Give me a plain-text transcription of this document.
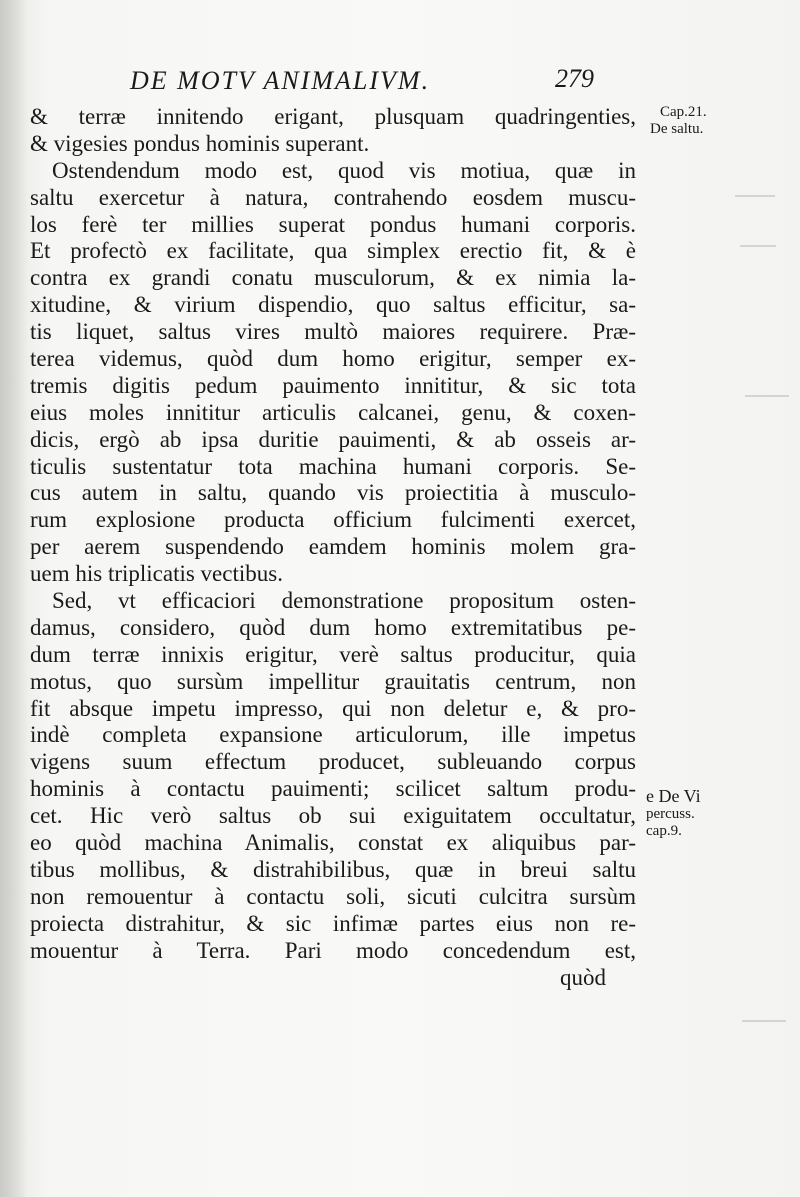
DE MOTV ANIMALIVM.	279
& terræ innitendo erigant, plusquam quadringenties,
& vigesies pondus hominis superant.
Ostendendum modo est, quod vis motiua, quæ in
saltu exercetur à natura, contrahendo eosdem muscu-
los ferè ter millies superat pondus humani corporis.
Et profectò ex facilitate, qua simplex erectio fit, & è
contra ex grandi conatu musculorum, & ex nimia la-
xitudine, & virium dispendio, quo saltus efficitur, sa-
tis liquet, saltus vires multò maiores requirere. Præ-
terea videmus, quòd dum homo erigitur, semper ex-
tremis digitis pedum pauimento innititur, & sic tota
eius moles innititur articulis calcanei, genu, & coxen-
dicis, ergò ab ipsa duritie pauimenti, & ab osseis ar-
ticulis sustentatur tota machina humani corporis. Se-
cus autem in saltu, quando vis proiectitia à musculo-
rum explosione producta officium fulcimenti exercet,
per aerem suspendendo eamdem hominis molem gra-
uem his triplicatis vectibus.
Sed, vt efficaciori demonstratione propositum osten-
damus, considero, quòd dum homo extremitatibus pe-
dum terræ innixis erigitur, verè saltus producitur, quia
motus, quo sursùm impellitur grauitatis centrum, non
fit absque impetu impresso, qui non deletur e, & pro-
indè completa expansione articulorum, ille impetus
vigens suum effectum producet, subleuando corpus
hominis à contactu pauimenti; scilicet saltum produ-
cet. Hic verò saltus ob sui exiguitatem occultatur,
eo quòd machina Animalis, constat ex aliquibus par-
tibus mollibus, & distrahibilibus, quæ in breui saltu
non remouentur à contactu soli, sicuti culcitra sursùm
proiecta distrahitur, & sic infimæ partes eius non re-
mouentur à Terra. Pari modo concedendum est,
quòd
Cap.21.
De saltu.
e De Vi
percuss.
cap.9.
